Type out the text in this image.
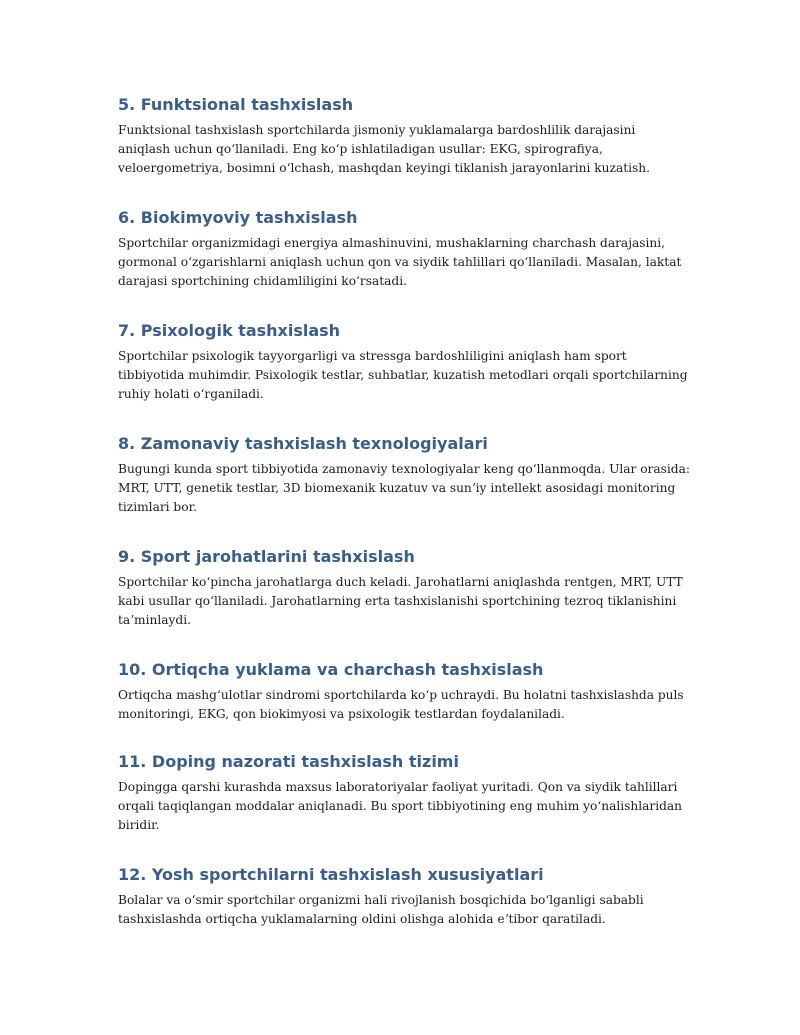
5. Funktsional tashxislash

Funktsional tashxislash sportchilarda jismoniy yuklamalarga bardoshlilik darajasini aniqlash uchun qoʻllaniladi. Eng koʻp ishlatiladigan usullar: EKG, spirografiya, veloergometriya, bosimni oʻlchash, mashqdan keyingi tiklanish jarayonlarini kuzatish.

6. Biokimyoviy tashxislash

Sportchilar organizmidagi energiya almashinuvini, mushaklarning charchash darajasini, gormonal oʻzgarishlarni aniqlash uchun qon va siydik tahlillari qoʻllaniladi. Masalan, laktat darajasi sportchining chidamliligini koʻrsatadi.

7. Psixologik tashxislash

Sportchilar psixologik tayyorgarligi va stressga bardoshliligini aniqlash ham sport tibbiyotida muhimdir. Psixologik testlar, suhbatlar, kuzatish metodlari orqali sportchilarning ruhiy holati oʻrganiladi.

8. Zamonaviy tashxislash texnologiyalari

Bugungi kunda sport tibbiyotida zamonaviy texnologiyalar keng qoʻllanmoqda. Ular orasida: MRT, UTT, genetik testlar, 3D biomexanik kuzatuv va sunʼiy intellekt asosidagi monitoring tizimlari bor.

9. Sport jarohatlarini tashxislash

Sportchilar koʻpincha jarohatlarga duch keladi. Jarohatlarni aniqlashda rentgen, MRT, UTT kabi usullar qoʻllaniladi. Jarohatlarning erta tashxislanishi sportchining tezroq tiklanishini taʼminlaydi.

10. Ortiqcha yuklama va charchash tashxislash

Ortiqcha mashgʻulotlar sindromi sportchilarda koʻp uchraydi. Bu holatni tashxislashda puls monitoringi, EKG, qon biokimyosi va psixologik testlardan foydalaniladi.

11. Doping nazorati tashxislash tizimi

Dopingga qarshi kurashda maxsus laboratoriyalar faoliyat yuritadi. Qon va siydik tahlillari orqali taqiqlangan moddalar aniqlanadi. Bu sport tibbiyotining eng muhim yoʻnalishlaridan biridir.

12. Yosh sportchilarni tashxislash xususiyatlari

Bolalar va oʻsmir sportchilar organizmi hali rivojlanish bosqichida boʻlganligi sababli tashxislashda ortiqcha yuklamalarning oldini olishga alohida eʼtibor qaratiladi.
